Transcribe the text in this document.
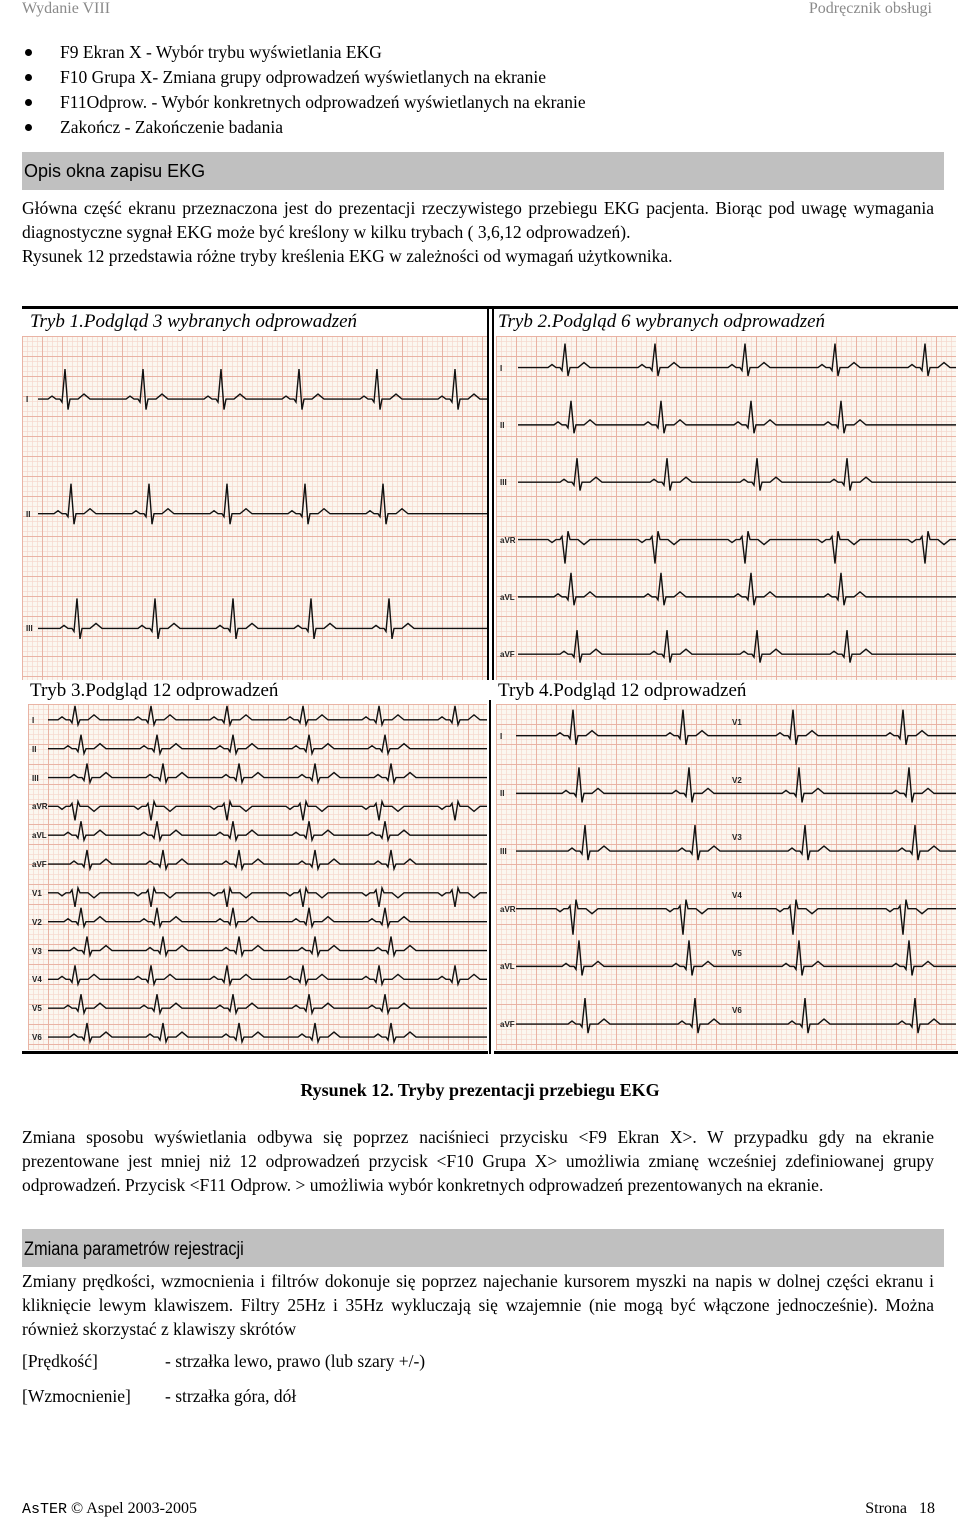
Wydanie VIII	Podręcznik obsługi
F9 Ekran X - Wybór trybu wyświetlania EKG
F10 Grupa X- Zmiana grupy odprowadzeń wyświetlanych na ekranie
F11Odprow. - Wybór konkretnych odprowadzeń wyświetlanych na ekranie
Zakończ - Zakończenie badania
Opis okna zapisu EKG
Główna część ekranu przeznaczona jest do prezentacji rzeczywistego przebiegu EKG pacjenta. Biorąc pod uwagę wymagania diagnostyczne sygnał EKG może być kreślony w kilku trybach ( 3,6,12 odprowadzeń).
Rysunek 12 przedstawia różne tryby kreślenia EKG w zależności od wymagań użytkownika.
Tryb 1.Podgląd 3 wybranych odprowadzeń	Tryb 2.Podgląd 6 wybranych odprowadzeń
Tryb 3.Podgląd 12 odprowadzeń	Tryb 4.Podgląd 12 odprowadzeń
I
II
III
I
II
III
aVR
aVL
aVF
I
II
III
aVR
aVL
aVF
V1
V2
V3
V4
V5
V6
I
II
III
aVR
aVL
aVF
V1
V2
V3
V4
V5
V6
Rysunek 12. Tryby prezentacji przebiegu EKG
Zmiana sposobu wyświetlania odbywa się poprzez naciśnieci przycisku <F9 Ekran X>. W przypadku gdy na ekranie prezentowane jest mniej niż 12 odprowadzeń przycisk <F10 Grupa X> umożliwia zmianę wcześniej zdefiniowanej grupy odprowadzeń. Przycisk <F11 Odprow. > umożliwia wybór konkretnych odprowadzeń prezentowanych na ekranie.
Zmiana parametrów rejestracji
Zmiany prędkości, wzmocnienia i filtrów dokonuje się poprzez najechanie kursorem myszki na napis w dolnej części ekranu i kliknięcie lewym klawiszem. Filtry 25Hz i 35Hz wykluczają się wzajemnie (nie mogą być włączone jednocześnie). Można również skorzystać z klawiszy skrótów
[Prędkość]	- strzałka lewo, prawo (lub szary +/-)
[Wzmocnienie] - strzałka góra, dół
AsTER © Aspel 2003-2005	Strona 18
